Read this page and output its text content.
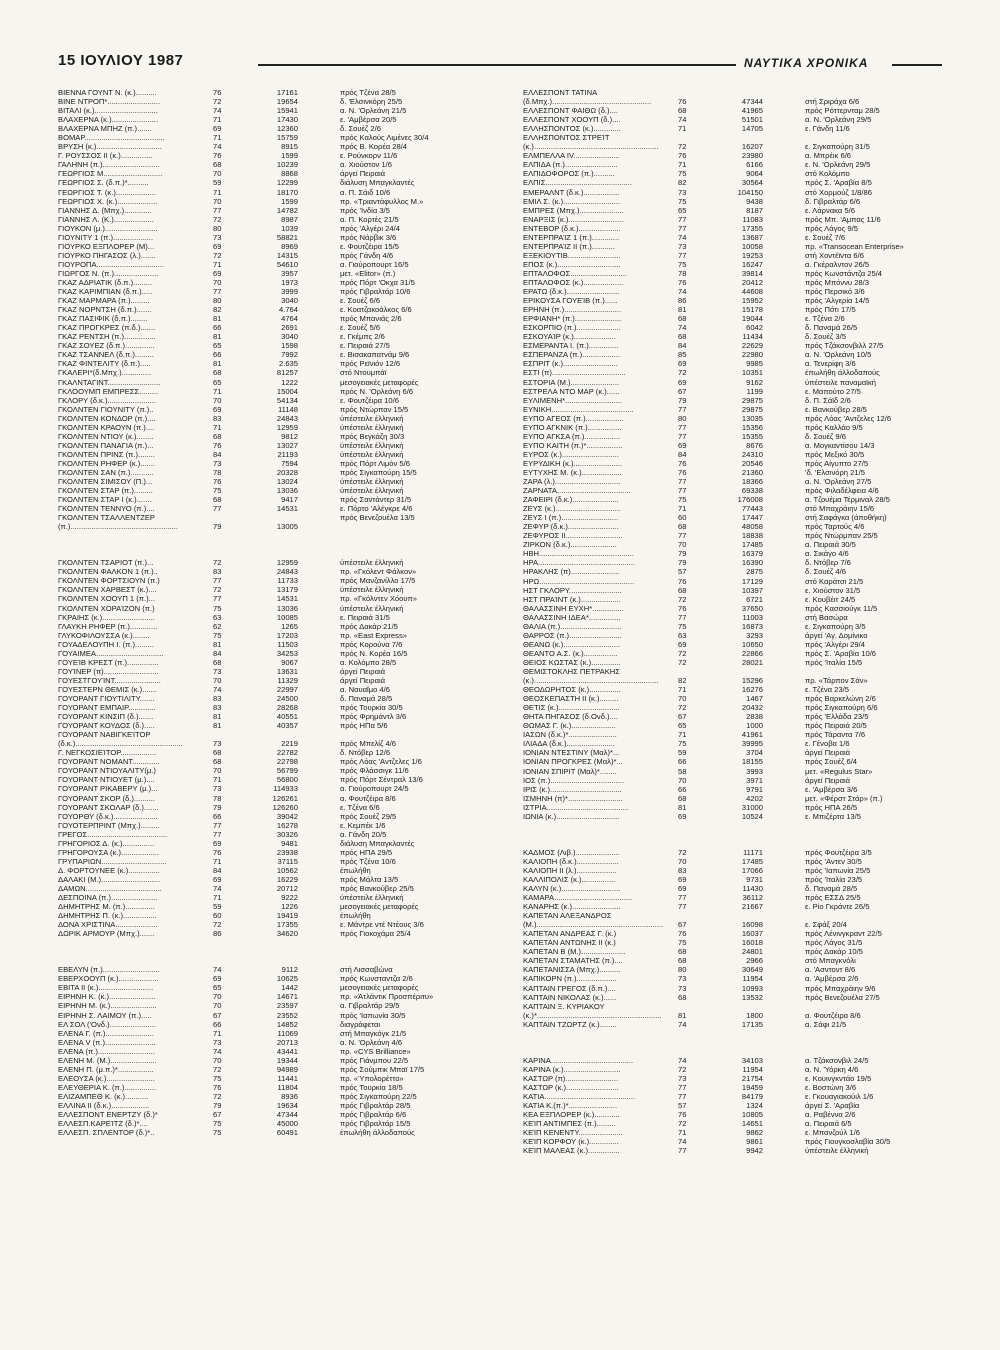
15 ΙΟΥΛΙΟΥ 1987	ΝΑΥΤΙΚΑ ΧΡΟΝΙΚΑ
ΒΙΕΝΝΑ ΓΟΥΝΤ Ν. (κ.)..........	76	17161	πρός Τζένα 28/5
ΒΙΝΕ ΝΤΡΟΠ*.........................	72	19654	δ. 'Ελσινκόρη 25/5
ΒΙΤΑΛΙ (κ.)..............................	74	15941	α. Ν. 'Ορλεάνη 21/5
ΒΛΑΧΕΡΝΑ (κ.)......................	71	17430	ε. 'Αμβέρσα 20/5
ΒΛΑΧΕΡΝΑ ΜΠΗΖ (π.).......	69	12360	δ. Σουέζ 2/6
ΒΟΜΑΡ......................................	71	15759	πρός Καλούς Λιμένες 30/4
ΒΡΥΣΗ (κ.)...............................	74	8915	πρός Β. Κορέα 28/4
Γ. ΡΟΥΣΣΟΣ ΙΙ (κ.)...............	76	1599	ε. Ρούνκορν 11/6
ΓΑΛΗΝΗ (π.)...........................	68	10239	α. Χιούστον 1/6
ΓΕΩΡΓΙΟΣ Μ............................	70	8868	άργεί Πειραιά
ΓΕΩΡΓΙΟΣ Σ. (δ.π.)*..........	59	12299	διάλυση Μπαγκλαντές
ΓΕΩΡΓΙΟΣ Τ. (κ.)...................	71	18170	α. Π. Σάιδ 10/6
ΓΕΩΡΓΙΟΣ Χ. (κ.)...................	70	1599	πρ. «Τριαντάφυλλος Μ.»
ΓΙΑΝΝΗΣ Δ. (Μπχ.).............	77	14782	πρός 'Ινδία 3/5
ΓΙΑΝΝΗΣ Λ. (Κ.)...................	72	8987	α. Π. Κορτές 21/5
ΓΙΟΥΚΟΝ (μ.).........................	80	1039	πρός 'Αλγέρι 24/4
ΓΙΟΥΝΙΤΥ 1 (π.)...................	73	58821	πρός Νάρβικ 3/6
ΓΙΟΥΡΚΟ ΕΞΠΛΟΡΕΡ (Μ)...	69	8969	ε. Φουτζέιρα 15/5
ΓΙΟΥΡΚΟ ΠΗΓΑΣΟΣ (λ.).......	72	14315	πρός Γάνδη 4/6
ΓΙΟΥΡΟΠΑ................................	71	54610	α. Γιούροπουρτ 16/5
ΓΙΩΡΓΟΣ Ν. (π.).....................	69	3957	μετ. «Elitor» (π.)
ΓΚΑΖ ΑΔΡΙΑΤΙΚ (δ.π.).........	70	1973	πρός Πόρτ 'Οκχα 31/5
ΓΚΑΖ ΚΑΡΙΜΠΙΑΝ (δ.π.).....	77	3999	πρός Γιβραλτάρ 10/6
ΓΚΑΖ ΜΑΡΜΑΡΑ (π.).........	80	3040	ε. Σουέζ 6/6
ΓΚΑΖ ΝΟΡΝΤΣΗ (δ.π.).......	82	4.764	ε. Κοατζακοάλκος 6/6
ΓΚΑΖ ΠΑΣΙΦΙΚ (δ.π.)........	81	4764	πρός Μπανιάς 2/6
ΓΚΑΖ ΠΡΟΓΚΡΕΣ (π.δ.).......	66	2691	ε. Σουέζ 5/6
ΓΚΑΖ ΡΕΝΤΣΗ (π.)...............	81	3040	ε. Γκέμπς 2/6
ΓΚΑΖ ΣΟΥΕΖ (δ.π.)..............	65	1598	ε. Πειραιά 27/5
ΓΚΑΖ ΤΣΑΝΝΕΛ (δ.π.).........	66	7992	ε. Βισακαπατνάμ 9/6
ΓΚΑΖ ΦΙΝΤΕΛΙΤΥ (δ.π.).....	81	2.635	πρός Ρεϊνιόν 12/6
ΓΚΑΛΕΡΙ*(δ.Μπχ.)..............	68	81257	στό Ντουμπάϊ
ΓΚΑΛΝΤΑΓΙΝΤ.........................	65	1222	μεσογειακές μεταφορές
ΓΚΛΟΟΥΜΠ ΕΜΠΡΕΣΣ.........	71	15004	πρός Ν. 'Ορλεάνη 6/6
ΓΚΛΟΡΥ (δ.κ.).......................	70	54134	ε. Φουτζέιρα 10/6
ΓΚΟΛΝΤΕΝ ΓΙΟΥΝΙΤΥ (π.)..	69	11148	πρός Ντώρπαν 15/5
ΓΚΟΛΝΤΕΝ ΚΟΝΔΟΡ (π.)....	83	24843	ύπέστειλε έλληνική
ΓΚΟΛΝΤΕΝ ΚΡΑΟΥΝ (π.)....	71	12959	ύπέστειλε έλληνική
ΓΚΟΛΝΤΕΝ ΝΤΙΟΥ (κ.)........	68	9812	πρός Βεγκάζη 30/3
ΓΚΟΛΝΤΕΝ ΠΑΝΑΓΙΑ (π.)...	76	13027	ύπέστειλε έλληνική
ΓΚΟΛΝΤΕΝ ΠΡΙΝΣ (π.)........	84	21193	ύπέστειλε έλληνική
ΓΚΟΛΝΤΕΝ ΡΗΦΕΡ (κ.).......	73	7594	πρός Πόρτ Λιμόν 5/6
ΓΚΟΛΝΤΕΝ ΣΑΝ (π.)...........	78	20328	πρός Σιγκαπούρη 15/5
ΓΚΟΛΝΤΕΝ ΣΙΜΙΣΟΥ (Π.)...	76	13024	ύπέστειλε έλληνική
ΓΚΟΛΝΤΕΝ ΣΤΑΡ (π.).........	75	13036	ύπέστειλε έλληνική
ΓΚΟΛΝΤΕΝ ΣΤΑΡ Ι (κ.).......	68	9417	πρός Σαντάντερ 31/5
ΓΚΟΛΝΤΕΝ ΤΕΝΝΥΟ (π.)....	77	14531	ε. Πόρτο 'Αλέγκρε 4/6
ΓΚΟΛΝΤΕΝ ΤΣΑΛΛΕΝΤΖΕΡ	πρός Βενεζουέλα 13/5
(π.)...................................................	79	13005
ΓΚΟΛΝΤΕΝ ΤΣΑΡΙΟΤ (π.)...	72	12959	ύπέστειλε έλληνική
ΓΚΟΛΝΤΕΝ ΦΑΛΚΟΝ 1 (π.)..	83	24843	πρ. «Γκόλεντ Φάλκον»
ΓΚΟΛΝΤΕΝ ΦΟΡΤΣΙΟΥΝ (π.)	77	11733	πρός Μανζανίλλο 17/5
ΓΚΟΛΝΤΕΝ ΧΑΡΒΕΣΤ (κ.)....	72	13179	ύπέστειλε έλληνική
ΓΚΟΛΝΤΕΝ ΧΟΟΥΠ 1 (π.)...	77	14531	πρ. «Γκόλντεν Χόουπ»
ΓΚΟΛΝΤΕΝ ΧΟΡΑΊΖΟΝ (π.)	75	13036	ύπέστειλε έλληνική
ΓΚΡΑΙΗΣ (κ.).........................	63	10085	ε. Πειραιά 31/5
ΓΛΑΥΚΗ ΡΗΦΕΡ (π.).............	62	1265	πρός Δακάρ 21/5
ΓΛΥΚΟΦΙΛΟΥΣΣΑ (κ.)........	75	17203	πρ. «East Express»
ΓΟΥΑΔΕΛΟΥΠΗ Ι. (π.).........	81	11503	πρός Κορούνα 7/6
ΓΟΥΑΙΜΕΑ................................	84	34253	πρός Ν. Κορέα 16/5
ΓΟΥΕΊΒ ΚΡΕΣΤ (π.)...............	68	9067	α. Κολόμπο 28/5
ΓΟΥΊΝΕΡ (π)..........................	73	13631	άργεί Πειραιά
ΓΟΥΕΣΤΓΟΥΊΝΤ......................	70	11329	άργεί Πειραιά
ΓΟΥΕΣΤΕΡΝ ΘΕΜΙΣ (κ.).......	74	22997	α. Ναυαΐμο 4/6
ΓΟΥΟΡΑΝΤ ΓΙΟΥΤΙΛΙΤΥ.......	83	24500	δ. Παναμά 28/5
ΓΟΥΟΡΑΝΤ ΕΜΠΑΙΡ.............	83	28268	πρός Τουρκία 30/5
ΓΟΥΟΡΑΝΤ ΚΙΝΣΙΠ (δ.).......	81	40551	πρός Φρημάντλ 3/6
ΓΟΥΟΡΑΝΤ ΚΟΥΔΟΣ (δ.).....	81	40357	πρός ΗΠα 5/6
ΓΟΥΟΡΑΝΤ ΝΑΒΙΓΚΕΊΤΟΡ
(δ.κ.)...................................................	73	2219	πρός Μπελίζ 4/6
Γ. ΝΕΓΚΟΣΙΕΊΤΟΡ.................	68	22782	δ. Ντόβερ 12/6
ΓΟΥΟΡΑΝΤ ΝΟΜΑΝΤ.............	68	22798	πρός Λόας 'Αντζελες 1/6
ΓΟΥΟΡΑΝΤ ΝΤΙΟΥΑΛΙΤΥ(μ.)	70	56799	πρός Φλάσσιγκ 11/6
ΓΟΥΟΡΑΝΤ ΝΤΙΟΥΕΤ (μ.)....	71	56800	πρός Πόρτ Σέντραλ 13/6
ΓΟΥΟΡΑΝΤ ΡΙΚΑΒΕΡΥ (μ.)...	73	114933	α. Γιούροπουρτ 24/5
ΓΟΥΟΡΑΝΤ ΣΚΟΡ (δ.)..........	78	126261	α. Φουτζέιρα 8/6
ΓΟΥΟΡΑΝΤ ΣΚΟΛΑΡ (δ.).......	79	126260	ε. Τζένα 6/6
ΓΟΥΟΡΘΥ (δ.κ.).....................	66	39042	πρός Σουέζ 29/5
ΓΟΥΟΤΕΡΠΡΙΝΤ (Μπχ.).........	77	16278	ε. Κεμπέκ 1/6
ΓΡΕΓΟΣ......................................	77	30326	α. Γάνδη 20/5
ΓΡΗΓΟΡΙΟΣ Δ. (κ.)...............	69	9481	διάλυση Μπαγκλαντές
ΓΡΗΓΟΡΟΥΣΑ (κ.)..................	76	23938	πρός ΗΠΑ 29/5
ΓΡΥΠΑΡΙΩΝ...............................	71	37115	πρός Τζένα 10/6
Δ. ΦΟΡΤΟΥΝΕΕ (κ.)...............	84	10562	έπωλήθη
ΔΑΛΑΚΙ (Μ.)............................	69	16229	πρός Μάλτα 13/5
ΔΑΜΩΝ....................................	74	20712	πρός Βανκούβερ 25/5
ΔΕΣΠΟΙΝΑ (π.)......................	71	9222	ύπέστειλε έλληνική
ΔΗΜΗΤΡΗΣ Μ. (π.)..............	59	1226	μεσογειακές μεταφορές
ΔΗΜΗΤΡΗΣ Π. (κ.)................	60	19419	έπωλήθη
ΔΟΝΑ ΧΡΙΣΤΙΝΑ....................	72	17355	ε. Μάντρε ντέ Ντέους 3/6
ΔΩΡΙΚ ΑΡΜΟΥΡ (Μπχ.).......	86	34620	πρός Γιοκοχάμα 25/4
ΕΒΕΛΥΝ (π.)...........................	74	9112	στή Λισσαβώνα
ΕΒΕΡΧΟΟΥΠ (κ.)...................	69	10625	πρός Κωνσταντζα 2/6
ΕΒΙΤΑ ΙΙ (κ.)..........................	65	1442	μεσογειακές μεταφορές
ΕΙΡΗΝΗ Κ. (κ.)......................	70	14671	πρ. «Άτλάντικ Προσπέριτυ»
ΕΙΡΗΝΗ Μ. (κ.)......................	70	23597	α. Γιβραλτάρ 29/5
ΕΙΡΗΝΗ Σ. ΛΑΙΜΟΥ (π.).....	67	23552	πρός 'Ιαπωνία 30/5
ΕΛ ΣΟΛ ('Ονδ.)......................	66	14852	διαγράφεται
ΕΛΕΝΑ Γ. (π.).......................	71	11069	στή Μπαγκόγκ 21/5
ΕΛΕΝΑ V (π.)........................	73	20713	α. Ν. 'Ορλεάνη 4/6
ΕΛΕΝΑ (π.)...........................	74	43441	πρ. «CYS Brilliance»
ΕΛΕΝΗ Μ. (Μ.)......................	70	19344	πρός Γιάνμπου 22/5
ΕΛΕΝΗ Π. (μ.π.)*.................	72	94989	πρός Σούμπικ Μπαϊ 17/5
ΕΛΕΟΥΣΑ (κ.).......................	75	11441	πρ. «Ύπολορέττο»
ΕΛΕΥΘΕΡΙΑ Κ. (π.)...............	76	11804	πρός Τουρκία 18/5
ΕΛΙΖΑΜΠΕΘ Κ. (κ.)...........	72	8936	πρός Σιγκαπούρη 22/5
ΕΛΛΙΝΑ ΙΙ (δ.κ.)..................	79	19634	πρός Γιβραλτάρ 28/5
ΕΛΛΕΣΠΟΝΤ ΕΝΕΡΤΖΥ (δ.)*	67	47344	πρός Γιβραλτάρ 6/6
ΕΛΛΕΣΠ.ΚΑΡΕΊΤΖ (δ.)*....	75	45000	πρός Γιβραλτάρ 15/5
ΕΛΛΕΣΠ. ΣΠΛΕΝΤΟΡ (δ.)*..	75	60491	έπωλήθη άλλοδαπούς
ΕΛΛΕΣΠΟΝΤ ΤΑΤΙΝΑ
(δ.Μπχ.)...............................................	76	47344	στή Σριράχα 6/6
ΕΛΛΕΣΠΟΝΤ ΦΑΙΘΩ (δ.)....	68	41965	πρός Ρόττερνταμ 28/5
ΕΛΛΕΣΠΟΝΤ ΧΟΟΥΠ (δ.)....	74	51501	α. Ν. 'Ορλεάνη 29/5
ΕΛΛΗΣΠΟΝΤΟΣ (κ.).............	71	14705	ε. Γάνδη 11/6
ΕΛΛΗΣΠΟΝΤΟΣ ΣΤΡΕΊΤ
(κ.)...........................................................	72	16207	ε. Σιγκαπούρη 31/5
ΕΛΜΠΕΛΛΑ ΙV......................	76	23980	α. Μπρέικ 6/6
ΕΛΠΙΔΑ (π.).........................	71	6166	ε. Ν. 'Ορλεάνη 29/5
ΕΛΠΙΔΟΦΟΡΟΣ (π.)..........	75	9064	στό Κολόμπο
ΕΛΠΙΣ.........................................	82	30564	πρός Σ. 'Αραβία 8/5
ΕΜΕΡΑΛΝΤ (δ.κ.).................	73	104150	στό Χορμούζ 1/8/86
ΕΜΙΛ Σ. (κ.)...........................	75	9438	δ. Γιβραλτάρ 6/6
ΕΜΠΡΕΣ (Μπχ.).....................	65	8187	ε. Λάρνακα 5/6
ΕΝΑΡΞΙΣ (κ.)..........................	77	11083	πρός Μπ. 'Αμπας 11/6
ΕΝΤΕΒΟΡ (δ.κ.)....................	77	17355	πρός Λάγος 9/5
ΕΝΤΕΡΠΡΑΊΖ 1 (π.).............	74	13687	ε. Σουέζ 7/6
ΕΝΤΕΡΠΡΑΊΖ ΙΙ (π.)...........	73	10058	πρ. «Transocean Enterprise»
ΕΞΕΚΙΟΥΤΙΒ.........................	77	19253	στή Χοντέϊντα 6/6
ΕΠΟΣ (κ.)..............................	75	16247	α. Γκέραλντον 26/5
ΕΠΤΑΛΟΦΟΣ...........................	78	39814	πρός Κωνστάντζα 25/4
ΕΠΤΑΛΟΦΟΣ (κ.)...................	76	20412	πρός Μπόννυ 28/3
ΕΡΑΤΩ (δ.κ.).........................	74	44608	πρός Περσικό 3/6
ΕΡΙΚΟΥΣΑ ΓΟΥΕΊΒ (π.)......	86	15952	πρός 'Αλγερία 14/5
ΕΡΗΝΗ (π.)...........................	81	15178	πρός Πότι 17/5
ΕΡΦΙΑΝΗ* (π.)......................	68	19044	ε. Τζένα 2/6
ΕΣΚΟΡΠΙΟ (π.).....................	74	6042	δ. Παναμά 26/5
ΕΣΚΟΥΑΊΡ (κ.)....................	68	11434	δ. Σουέζ 3/5
ΕΣΜΕΡΑΝΤΑ Ι. (π.)..............	84	22629	πρός Τζάκσονβιλλ 27/5
ΕΣΠΕΡΑΝΖΑ (π.)..................	85	22980	α. Ν. 'Ορλεάνη 10/5
ΕΣΠΡΙΤ (κ.)..........................	69	9985	α. Τενερίφη 3/6
ΕΣΤΙ (π)...................................	72	10351	έπωλήθη άλλοδαπούς
ΕΣΤΟΡΙΑ (Μ.).......................	69	9162	ύπέστειλε παναμαϊκή
ΕΣΤΡΕΛΑ ΝΤΟ ΜΑΡ (κ.)......	67	1199	ε. Μαπούτο 27/5
ΕΥΛΙΜΕΝΗ*...........................	79	29875	δ. Π. Σάϊδ 2/6
ΕΥΝΙΚΗ.......................................	77	29875	ε. Βανκούβερ 28/5
ΕΥΠΟ ΑΓΕΟΣ (π.)..................	80	13035	πρός Λόας 'Αντζελες 12/6
ΕΥΠΟ ΑΓΚΝΙΚ (π.)................	77	15356	πρός Καλλάο 9/5
ΕΥΠΟ ΑΓΚΣΑ (π.).................	77	15355	δ. Σουέζ 9/6
ΕΥΠΟ ΚΑΙΤΗ (π.)*.................	69	8676	α. Μογκαντίσου 14/3
ΕΥΡΟΣ (κ.)...........................	84	24310	πρός Μεξικό 30/5
ΕΥΡΥΔΙΚΗ (κ.).......................	76	20546	πρός Αίγυπτο 27/5
ΕΥΤΥΧΗΣ Μ. (κ.)...................	76	21360	'δ. 'Ελσινόρη 21/5
ΖΑΡΑ (λ.)...............................	77	18366	α. Ν. 'Ορλεάνη 27/5
ΖΑΡΝΑΤΑ...................................	77	69338	πρός Φιλαδέλφεια 4/6
ΖΑΦΕΙΡΙ (δ.κ.)......................	75	176008	α. Τζουέμα Τέρμιναλ 28/5
ΖΕΥΣ (κ.)...............................	71	77443	στό Μπαχράιην 15/6
ΖΕΥΣ Ι (π.)...........................	60	17447	στή Σαφάγκα (άποθήκη)
ΖΕΦΥΡ (δ.κ.)........................	68	48058	πρός Ταρτούς 4/6
ΖΕΦΥΡΟΣ ΙΙ...........................	77	18838	πρός Ντώρμπαν 25/5
ΖΙΡΚΟΝ (δ.κ.)......................	70	17485	α. Πειραιά 30/5
ΗΒΗ.............................................	79	16379	α. Σικάγο 4/6
ΗΡΑ..............................................	79	16390	δ. Ντόβερ 7/6
ΗΡΑΚΛΗΣ (π).......................	57	2875	δ. Σουέζ 4/6
ΗΡΩ.............................................	76	17129	στό Καράτσι 21/5
ΗΣΤ ΓΚΛΟΡΥ.........................	68	10397	ε. Χιούστον 31/5
ΗΣΤ ΠΡΑΊΝΤ (κ.)...................	72	6721	ε. Κουβέιτ 24/5
ΘΑΛΑΣΣΙΝΗ ΕΥΧΗ*...............	76	37650	πρός Κασσιούγκ 11/5
ΘΑΛΑΣΣΙΝΗ ΙΔΕΑ*...............	77	11003	στή Βασώρα
ΘΑΛΙΑ (π.).............................	75	16873	ε. Σιγκαπούρη 3/5
ΘΑΡΡΟΣ (π.).........................	63	3293	άργεί 'Αγ. Δομίνικο
ΘΕΑΝΩ (κ.)...........................	69	10650	πρός 'Αλγέρι 29/4
ΘΕΑΝΤΟ Α.Σ. (κ.)................	72	22866	πρός Σ. 'Αραβία 10/6
ΘΕΙΟΣ ΚΩΣΤΑΣ (κ.)..............	72	28021	πρός 'Ιταλία 15/5
ΘΕΜΙΣΤΟΚΛΗΣ ΠΕΤΡΑΚΗΣ
(κ.)...........................................................	82	15296	πρ. «Τάρπον Σάν»
ΘΕΟΔΩΡΗΤΟΣ (κ.)...............	71	16276	ε. Τζένα 23/5
ΘΕΟΣΚΕΠΑΣΤΗ ΙΙ (κ.).........	70	1467	πρός Βαρκελώνη 2/6
ΘΕΤΙΣ (κ.).............................	72	20432	πρός Σιγκαπούρη 6/6
ΘΗΤΑ ΠΗΓΑΣΟΣ (δ.Ονδ.)....	67	2838	πρός 'Ελλάδα 23/5
ΘΩΜΑΣ Γ. (κ.).....................	65	1000	πρός Πειραιά 20/5
ΙΑΣΩΝ (δ.κ.)*.......................	71	41961	πρός Τάραντα 7/6
ΙΛΙΑΔΑ (δ.κ.).......................	75	39995	ε. Γένοβα 1/6
ΙΟΝΙΑΝ ΝΤΕΣΤΙΝΥ (Μαλ)*...	59	3704	άργεί Πειραιά
ΙΟΝΙΑΝ ΠΡΟΓΚΡΕΣ (Μαλ)*...	66	18155	πρός Σουέζ 6/4
ΙΟΝΙΑΝ ΣΠΙΡΙΤ (Μαλ)*........	58	3993	μετ. «Regulus Star»
ΙΟΣ (π.)...................................	70	3971	άργεί Πειραιά
ΙΡΙΣ (κ.)..................................	66	9791	ε. 'Αμβέρσα 3/6
ΙΣΜΗΝΗ (π)*..........................	68	4202	μετ. «Φέρστ Στάρ» (π.)
ΙΣΤΡΙΑ.......................................	81	31000	πρός ΗΠΑ 26/5
ΙΩΝΙΑ (κ.)..............................	69	10524	ε. Μπιζέρτα 13/5
ΚΑΔΜΟΣ (Λιβ.).....................	72	11171	πρός Φουτζέιρα 3/5
ΚΑΛΙΟΠΗ (δ.κ.)....................	70	17485	πρός 'Αντεν 30/5
ΚΑΛΙΟΠΗ ΙΙ (λ.)...................	83	17066	πρός 'Ιαπωνία 25/5
ΚΑΛΛΙΠΟΛΙΣ (κ.)................	69	9731	πρός 'Ιταλία 23/5
ΚΑΛΥΝ (κ.)............................	69	11430	δ. Παναμά 28/5
ΚΑΜΑΡΑ.....................................	77	36112	πρός ΕΣΣΔ 25/5
ΚΑΝΑΡΗΣ (κ.).......................	77	21667	ε. Ρίο Γκράντε 26/5
ΚΑΠΕΤΑΝ ΑΛΕΞΑΝΔΡΟΣ
(Μ.)............................................................	67	16098	ε. Σφάξ 20/4
ΚΑΠΕΤΑΝ ΑΝΔΡΕΑΣ Γ. (κ.)	76	16037	πρός Λένινγκραντ 22/5
ΚΑΠΕΤΑΝ ΑΝΤΩΝΗΣ ΙΙ (κ.)	75	16018	πρός Λάγος 31/5
ΚΑΠΕΤΑΝ Β (Μ.).....................	68	24801	πρός Δακάρ 10/5
ΚΑΠΕΤΑΝ ΣΤΑΜΑΤΗΣ (π.)....	68	2966	στό Μπαγκνόλι
ΚΑΠΕΤΑΝΙΣΣΑ (Μπχ.)..........	80	30649	α. 'Ασντοντ 8/6
ΚΑΠΙΚΟΡΝ (π.)...................	73	11954	α. 'Αμβέρσα 2/6
ΚΑΠΤΑΙΝ ΓΡΕΓΟΣ (δ.π.)....	73	10993	πρός Μπαχράιην 9/6
ΚΑΠΤΑΙΝ ΝΙΚΟΛΑΣ (κ.)......	68	13532	πρός Βενεζουέλα 27/5
ΚΑΠΤΑΙΝ Ξ. ΚΥΡΙΑΚΟΥ
(κ.)*...........................................................	81	1800	α. Φουτζέιρα 8/6
ΚΑΠΤΑΙΝ ΤΖΩΡΤΖ (κ.)........	74	17135	α. Σάφι 21/5
ΚΑΡΙΝΑ.......................................	74	34103	α. Τζάκσονβιλ 24/5
ΚΑΡΙΝΑ (κ.)...........................	72	11954	α. Ν. 'Υόρκη 4/6
ΚΑΣΤΩΡ (π).........................	73	21754	ε. Κουινγκντάο 19/5
ΚΑΣΤΩΡ (κ.).........................	77	19459	ε. Βοστώνη 3/6
ΚΑΤΙΑ...........................................	77	84179	ε. Γκουαγιακούιλ 1/6
ΚΑΤΙΑ Κ.(π.)*.......................	57	1324	άργεί Σ. 'Αραβία
ΚΕΑ ΕΞΠΛΟΡΕΡ (κ.)............	76	10805	α. Ραβέννα 2/6
ΚΕΊΠ ΑΝΤΙΜΠΕΣ (π.).........	72	14651	α. Πειραιά 6/5
ΚΕΊΠ ΚΕΝΕΝΤΥ.....................	71	9862	ε. Μπανζούλ 1/6
ΚΕΊΠ ΚΟΡΦΟΥ (κ.)..............	74	9861	πρός Γιουγκοσλαβία 30/5
ΚΕΊΠ ΜΑΛΕΑΣ (κ.)...............	77	9942	ύπέστειλε έλληνική
